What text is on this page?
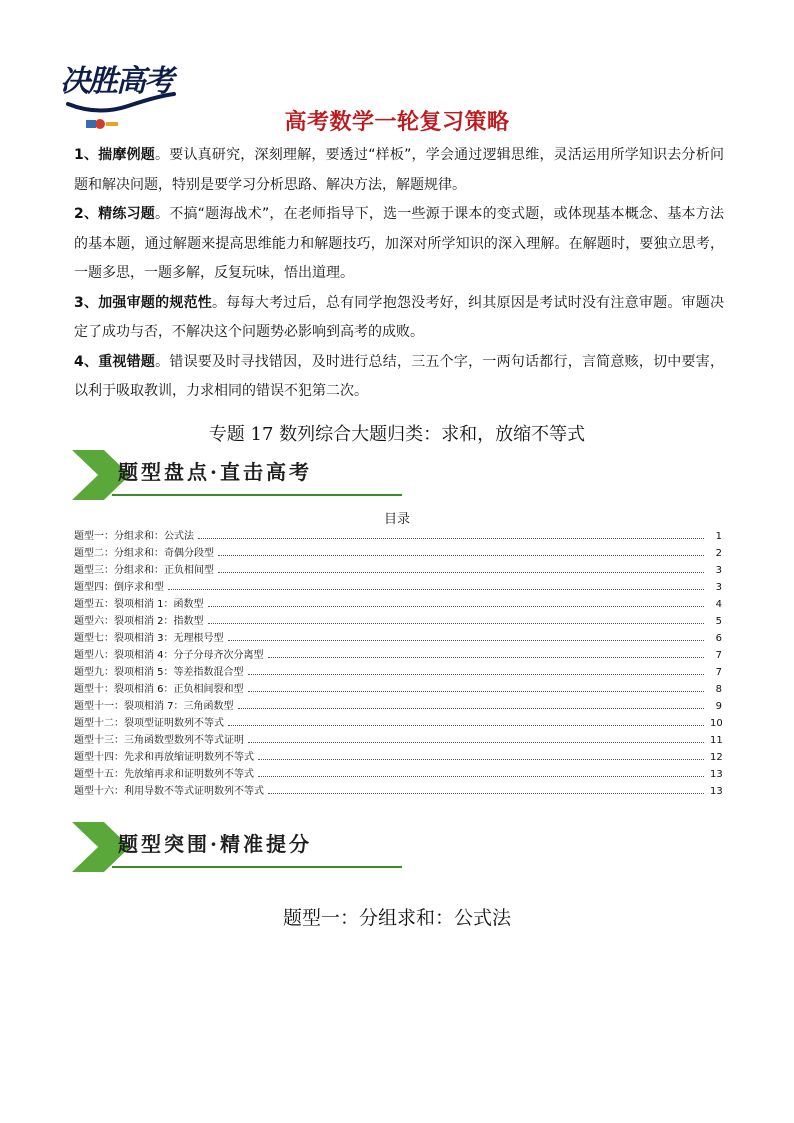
决胜高考
高考数学一轮复习策略

1、揣摩例题。要认真研究，深刻理解，要透过“样板”，学会通过逻辑思维，灵活运用所学知识去分析问题和解决问题，特别是要学习分析思路、解决方法，解题规律。

2、精练习题。不搞“题海战术”，在老师指导下，选一些源于课本的变式题，或体现基本概念、基本方法的基本题，通过解题来提高思维能力和解题技巧，加深对所学知识的深入理解。在解题时，要独立思考，一题多思，一题多解，反复玩味，悟出道理。

3、加强审题的规范性。每每大考过后，总有同学抱怨没考好，纠其原因是考试时没有注意审题。审题决定了成功与否，不解决这个问题势必影响到高考的成败。

4、重视错题。错误要及时寻找错因，及时进行总结，三五个字，一两句话都行，言简意赅，切中要害，以利于吸取教训，力求相同的错误不犯第二次。

专题 17 数列综合大题归类：求和，放缩不等式
题型盘点·直击高考
目录
题型一：分组求和：公式法	1
题型二：分组求和：奇偶分段型	2
题型三：分组求和：正负相间型	3
题型四：倒序求和型	3
题型五：裂项相消 1：函数型	4
题型六：裂项相消 2：指数型	5
题型七：裂项相消 3：无理根号型	6
题型八：裂项相消 4：分子分母齐次分离型	7
题型九：裂项相消 5：等差指数混合型	7
题型十：裂项相消 6：正负相间裂和型	8
题型十一：裂项相消 7：三角函数型	9
题型十二：裂项型证明数列不等式	10
题型十三：三角函数型数列不等式证明	11
题型十四：先求和再放缩证明数列不等式	12
题型十五：先放缩再求和证明数列不等式	13
题型十六：利用导数不等式证明数列不等式	13
题型突围·精准提分
题型一：分组求和：公式法
